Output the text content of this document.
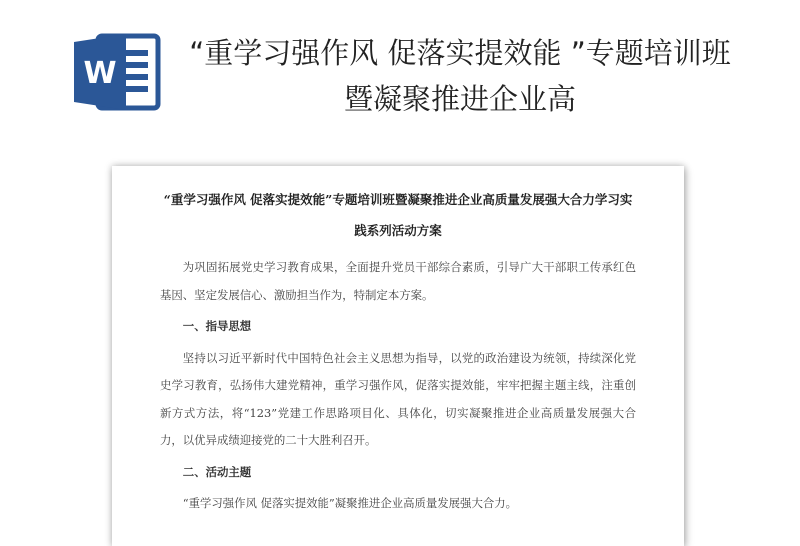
W
“重学习强作风 促落实提效能 ”专题培训班暨凝聚推进企业高

“重学习强作风 促落实提效能”专题培训班暨凝聚推进企业高质量发展强大合力学习实践系列活动方案

为巩固拓展党史学习教育成果，全面提升党员干部综合素质，引导广大干部职工传承红色基因、坚定发展信心、激励担当作为，特制定本方案。

一、指导思想

坚持以习近平新时代中国特色社会主义思想为指导，以党的政治建设为统领，持续深化党史学习教育，弘扬伟大建党精神，重学习强作风，促落实提效能，牢牢把握主题主线，注重创新方式方法，将“123”党建工作思路项目化、具体化，切实凝聚推进企业高质量发展强大合力，以优异成绩迎接党的二十大胜利召开。

二、活动主题

“重学习强作风 促落实提效能”凝聚推进企业高质量发展强大合力。
